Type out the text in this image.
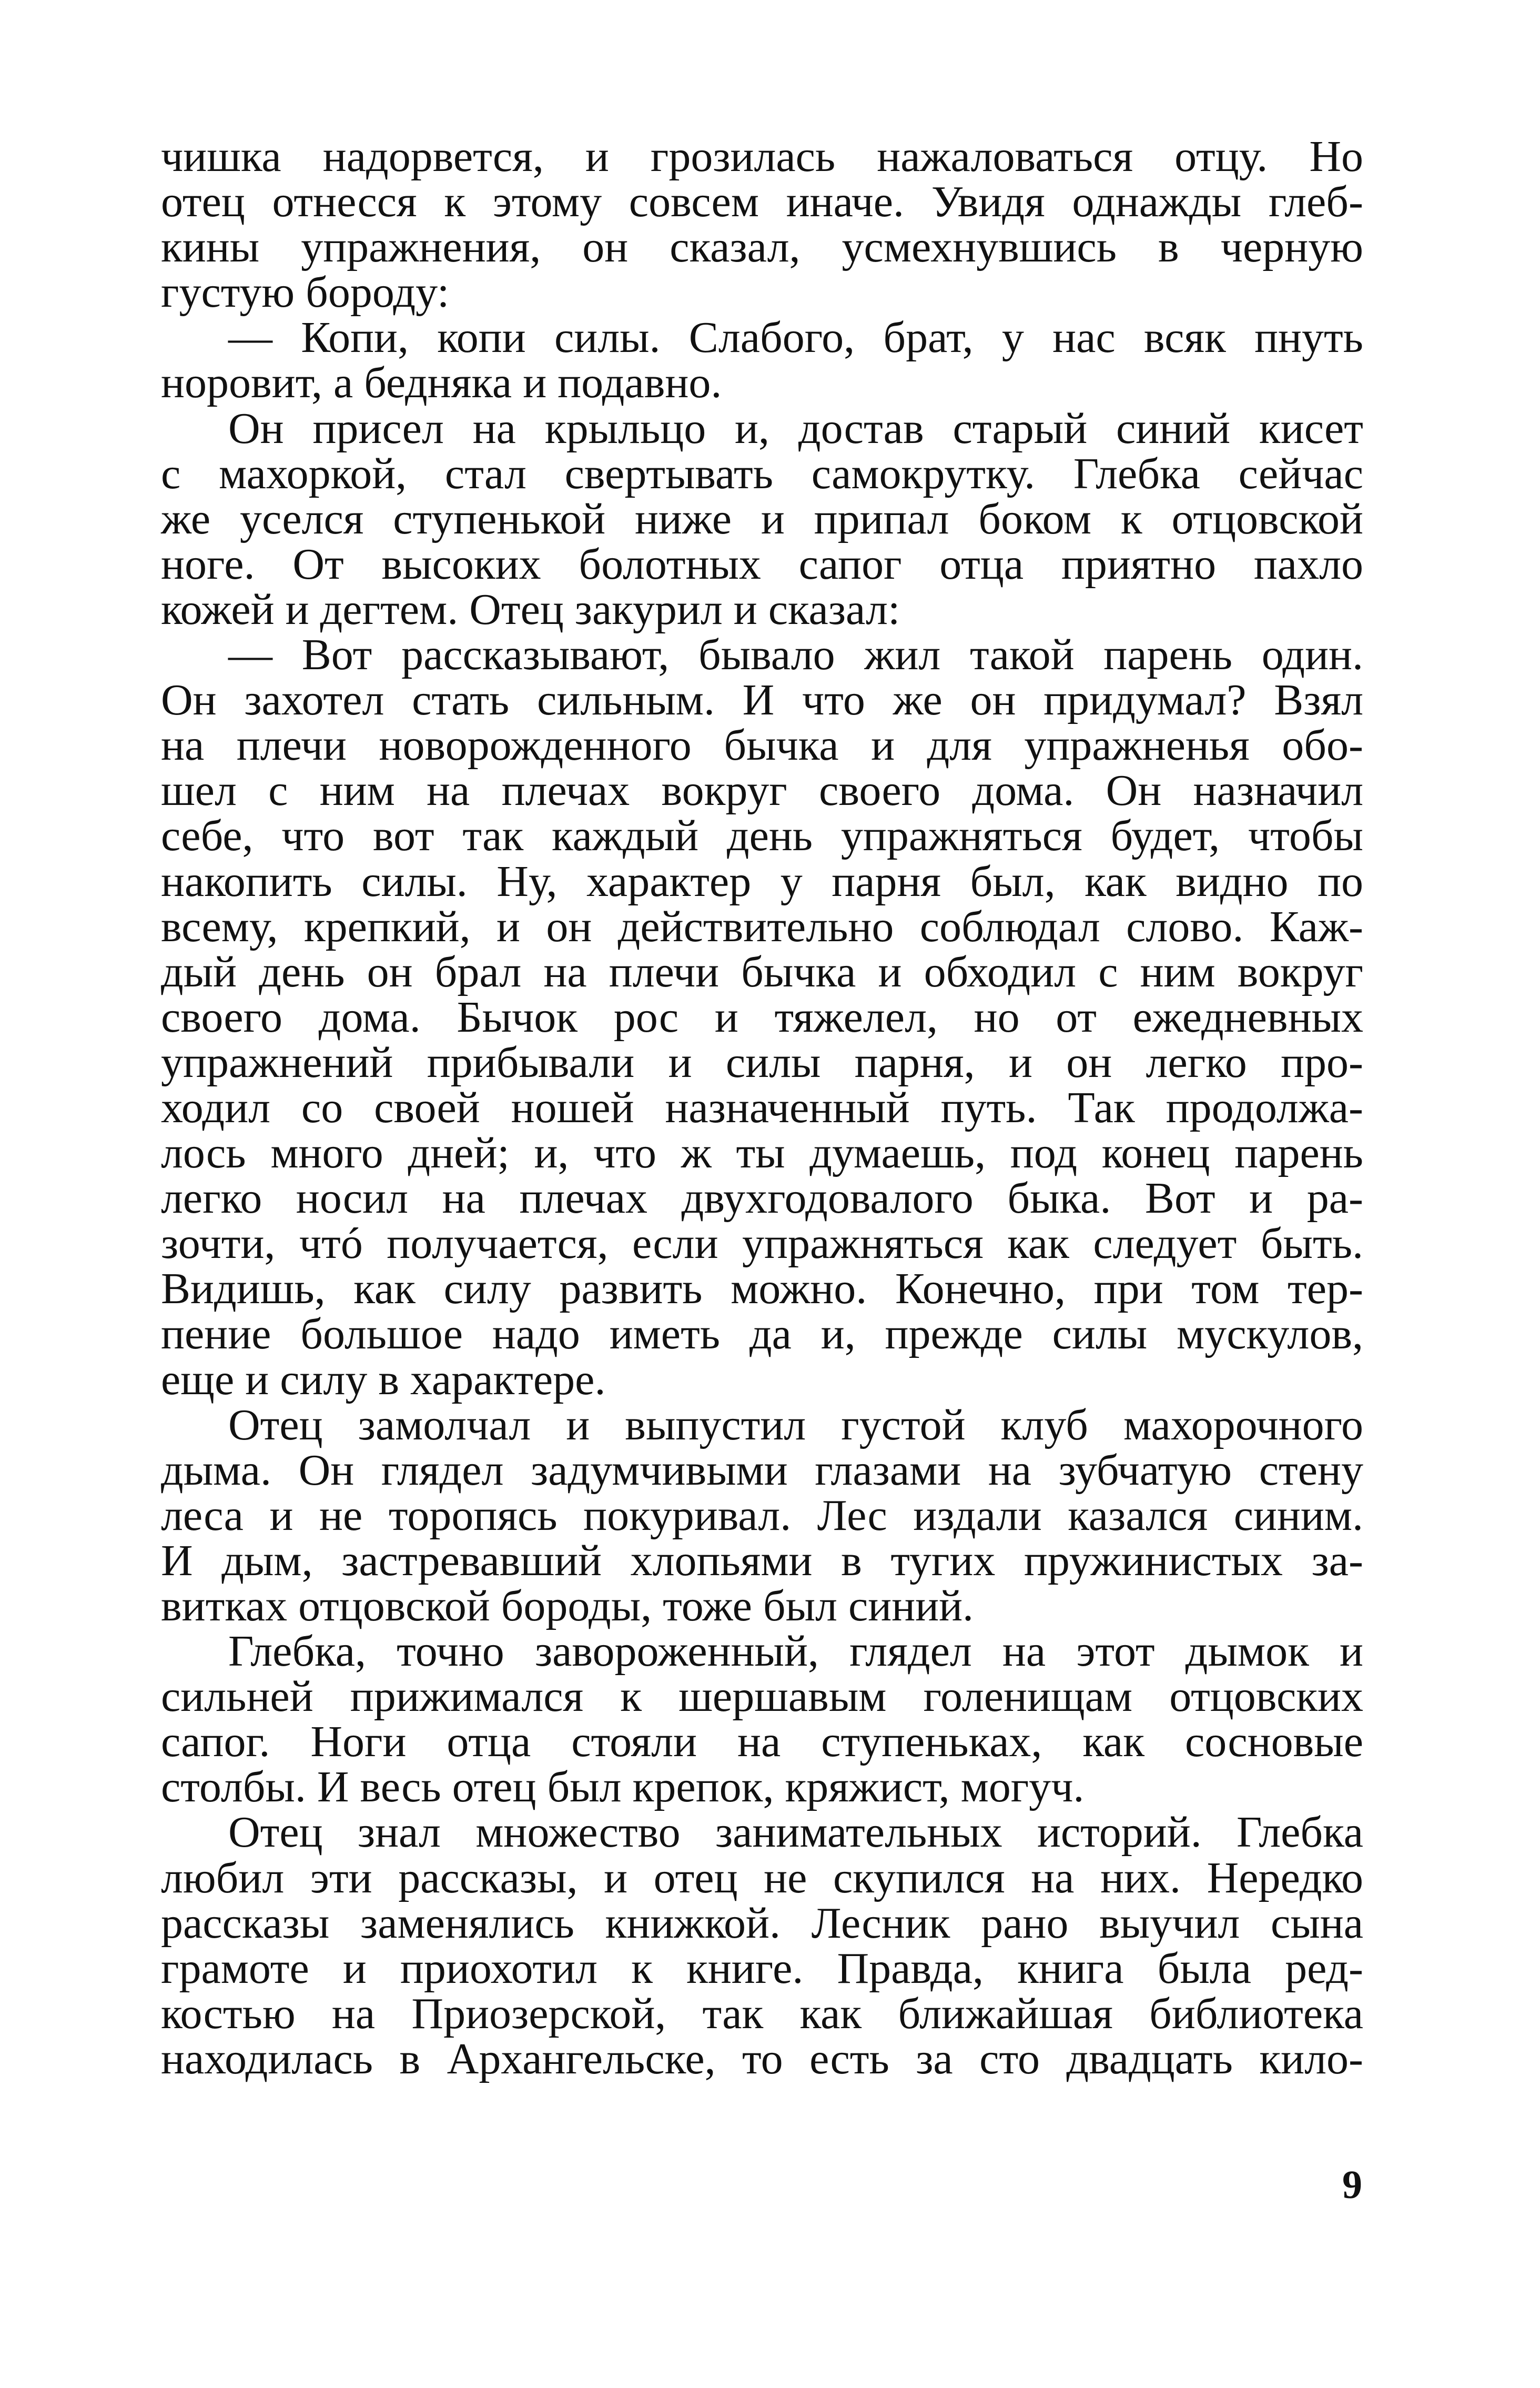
чишка надорвется, и грозилась нажаловаться отцу. Но
отец отнесся к этому совсем иначе. Увидя однажды глеб-
кины упражнения, он сказал, усмехнувшись в черную
густую бороду:
— Копи, копи силы. Слабого, брат, у нас всяк пнуть
норовит, а бедняка и подавно.
Он присел на крыльцо и, достав старый синий кисет
с махоркой, стал свертывать самокрутку. Глебка сейчас
же уселся ступенькой ниже и припал боком к отцовской
ноге. От высоких болотных сапог отца приятно пахло
кожей и дегтем. Отец закурил и сказал:
— Вот рассказывают, бывало жил такой парень один.
Он захотел стать сильным. И что же он придумал? Взял
на плечи новорожденного бычка и для упражненья обо-
шел с ним на плечах вокруг своего дома. Он назначил
себе, что вот так каждый день упражняться будет, чтобы
накопить силы. Ну, характер у парня был, как видно по
всему, крепкий, и он действительно соблюдал слово. Каж-
дый день он брал на плечи бычка и обходил с ним вокруг
своего дома. Бычок рос и тяжелел, но от ежедневных
упражнений прибывали и силы парня, и он легко про-
ходил со своей ношей назначенный путь. Так продолжа-
лось много дней; и, что ж ты думаешь, под конец парень
легко носил на плечах двухгодовалого быка. Вот и ра-
зочти, чтó получается, если упражняться как следует быть.
Видишь, как силу развить можно. Конечно, при том тер-
пение большое надо иметь да и, прежде силы мускулов,
еще и силу в характере.
Отец замолчал и выпустил густой клуб махорочного
дыма. Он глядел задумчивыми глазами на зубчатую стену
леса и не торопясь покуривал. Лес издали казался синим.
И дым, застревавший хлопьями в тугих пружинистых за-
витках отцовской бороды, тоже был синий.
Глебка, точно завороженный, глядел на этот дымок и
сильней прижимался к шершавым голенищам отцовских
сапог. Ноги отца стояли на ступеньках, как сосновые
столбы. И весь отец был крепок, кряжист, могуч.
Отец знал множество занимательных историй. Глебка
любил эти рассказы, и отец не скупился на них. Нередко
рассказы заменялись книжкой. Лесник рано выучил сына
грамоте и приохотил к книге. Правда, книга была ред-
костью на Приозерской, так как ближайшая библиотека
находилась в Архангельске, то есть за сто двадцать кило-
9
